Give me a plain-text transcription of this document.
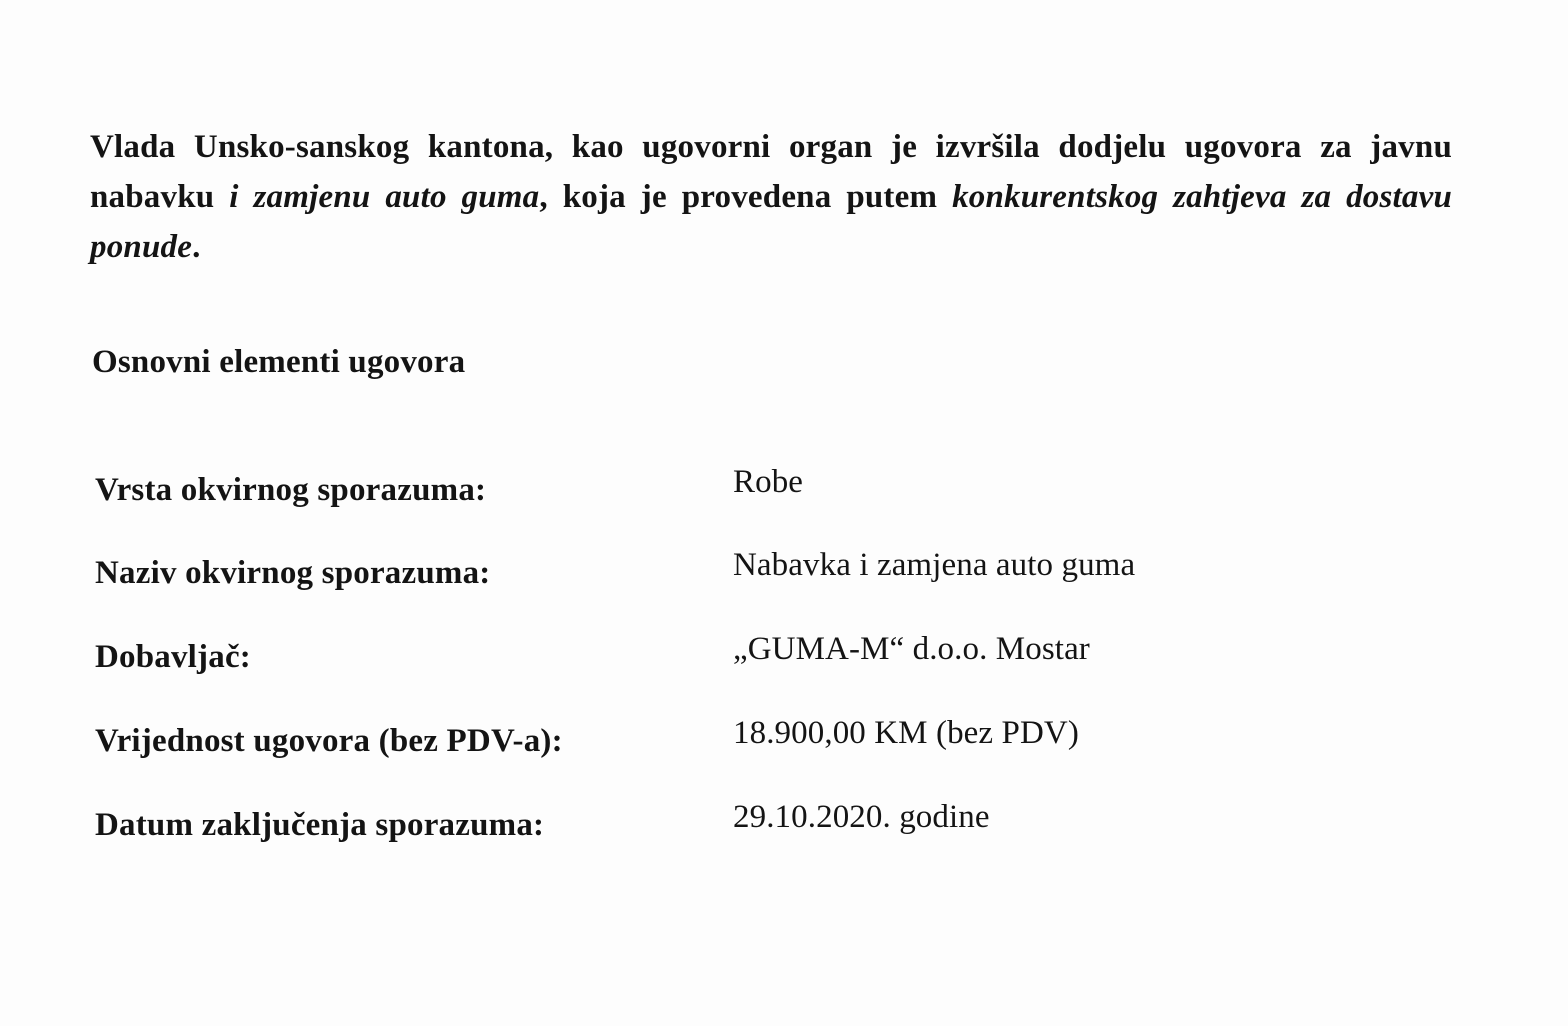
Vlada Unsko-sanskog kantona, kao ugovorni organ je izvršila dodjelu ugovora za javnu nabavku i zamjenu auto guma, koja je provedena putem konkurentskog zahtjeva za dostavu ponude.

Osnovni elementi ugovora
Vrsta okvirnog sporazuma:	Robe
Naziv okvirnog sporazuma:	Nabavka i zamjena auto guma
Dobavljač:	„GUMA-M“ d.o.o. Mostar
Vrijednost ugovora (bez PDV-a):	18.900,00 KM (bez PDV)
Datum zaključenja sporazuma:	29.10.2020. godine
